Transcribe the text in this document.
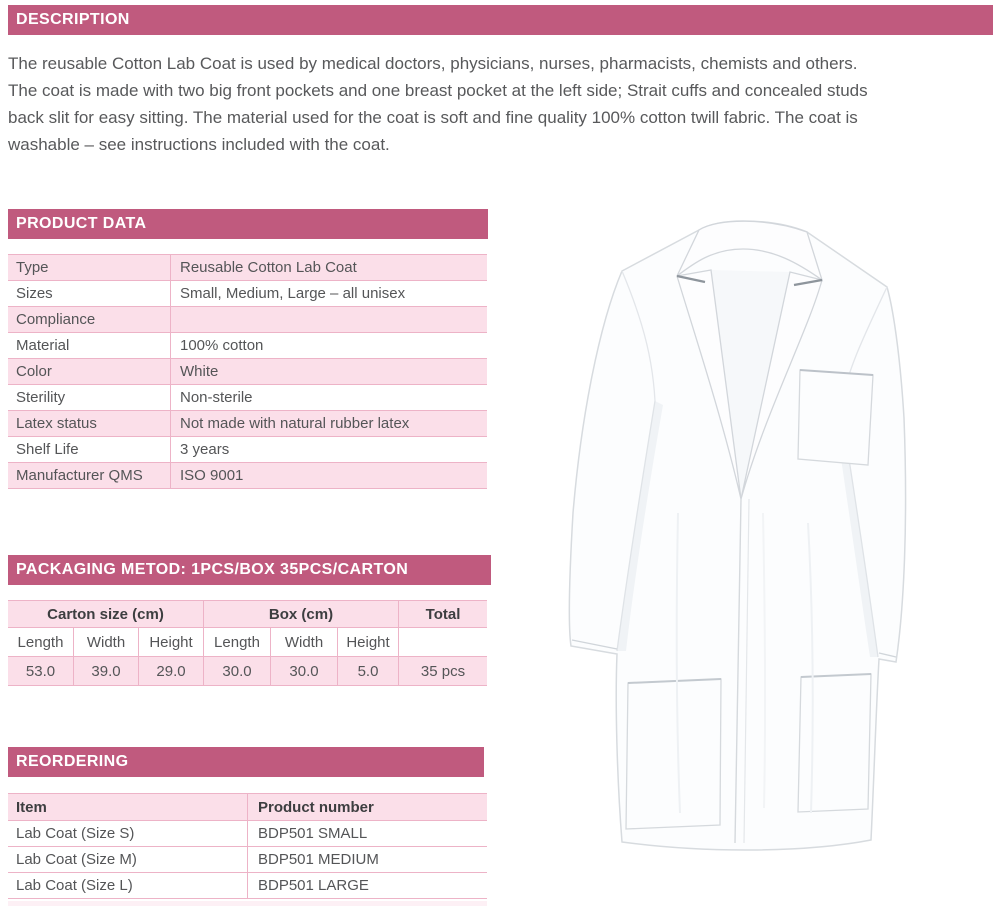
DESCRIPTION
The reusable Cotton Lab Coat is used by medical doctors, physicians, nurses, pharmacists, chemists and others.
The coat is made with two big front pockets and one breast pocket at the left side; Strait cuffs and concealed studs
back slit for easy sitting. The material used for the coat is soft and fine quality 100% cotton twill fabric. The coat is
washable – see instructions included with the coat.
PRODUCT DATA
Type	Reusable Cotton Lab Coat
Sizes	Small, Medium, Large – all unisex
Compliance
Material	100% cotton
Color	White
Sterility	Non-sterile
Latex status	Not made with natural rubber latex
Shelf Life	3 years
Manufacturer QMS	ISO 9001
PACKAGING METOD: 1PCS/BOX 35PCS/CARTON
Carton size (cm)	Box (cm)	Total
Length	Width	Height	Length	Width	Height
53.0	39.0	29.0	30.0	30.0	5.0	35 pcs
REORDERING
Item	Product number
Lab Coat (Size S)	BDP501 SMALL
Lab Coat (Size M)	BDP501 MEDIUM
Lab Coat (Size L)	BDP501 LARGE
